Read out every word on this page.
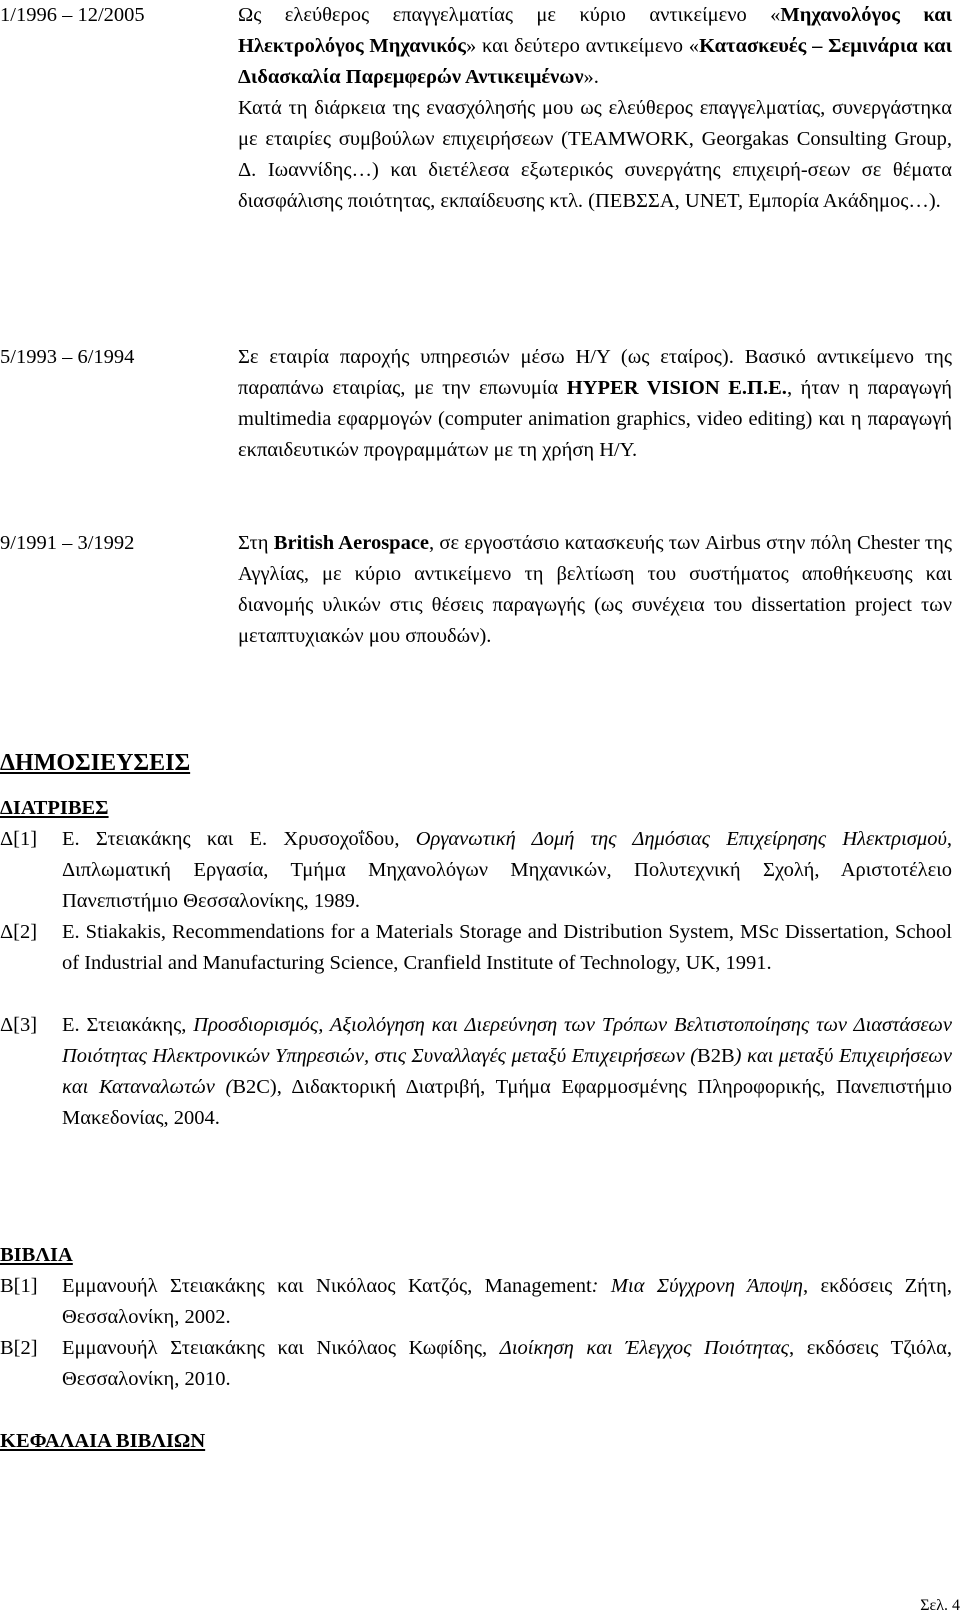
1/1996 – 12/2005	Ως ελεύθερος επαγγελματίας με κύριο αντικείμενο «Μηχανολόγος και Ηλεκτρολόγος Μηχανικός» και δεύτερο αντικείμενο «Κατασκευές – Σεμινάρια και Διδασκαλία Παρεμφερών Αντικειμένων».

Κατά τη διάρκεια της ενασχόλησής μου ως ελεύθερος επαγγελματίας, συνεργάστηκα με εταιρίες συμβούλων επιχειρήσεων (TEAMWORK, Georgakas Consulting Group, Δ. Ιωαννίδης…) και διετέλεσα εξωτερικός συνεργάτης επιχειρή-σεων σε θέματα διασφάλισης ποιότητας, εκπαίδευσης κτλ. (ΠΕΒΣΣΑ, UNET, Εμπορία Ακάδημος…).

5/1993 – 6/1994	Σε εταιρία παροχής υπηρεσιών μέσω Η/Υ (ως εταίρος). Βασικό αντικείμενο της παραπάνω εταιρίας, με την επωνυμία HYPER VISION Ε.Π.Ε., ήταν η παραγωγή multimedia εφαρμογών (computer animation graphics, video editing) και η παραγωγή εκπαιδευτικών προγραμμάτων με τη χρήση Η/Υ.

9/1991 – 3/1992	Στη British Aerospace, σε εργοστάσιο κατασκευής των Airbus στην πόλη Chester της Αγγλίας, με κύριο αντικείμενο τη βελτίωση του συστήματος αποθήκευσης και διανομής υλικών στις θέσεις παραγωγής (ως συνέχεια του dissertation project των μεταπτυχιακών μου σπουδών).

ΔΗΜΟΣΙΕΥΣΕΙΣ
ΔΙΑΤΡΙΒΕΣ
Δ[1]	Ε. Στειακάκης και Ε. Χρυσοχοΐδου, Οργανωτική Δομή της Δημόσιας Επιχείρησης Ηλεκτρισμού, Διπλωματική Εργασία, Τμήμα Μηχανολόγων Μηχανικών, Πολυτεχνική Σχολή, Αριστοτέλειο Πανεπιστήμιο Θεσσαλονίκης, 1989.
Δ[2]	E. Stiakakis, Recommendations for a Materials Storage and Distribution System, MSc Dissertation, School of Industrial and Manufacturing Science, Cranfield Institute of Technology, UK, 1991.
Δ[3]	Ε. Στειακάκης, Προσδιορισμός, Αξιολόγηση και Διερεύνηση των Τρόπων Βελτιστοποίησης των Διαστάσεων Ποιότητας Ηλεκτρονικών Υπηρεσιών, στις Συναλλαγές μεταξύ Επιχειρήσεων (B2B) και μεταξύ Επιχειρήσεων και Καταναλωτών (B2C), Διδακτορική Διατριβή, Τμήμα Εφαρμοσμένης Πληροφορικής, Πανεπιστήμιο Μακεδονίας, 2004.
ΒΙΒΛΙΑ
Β[1]	Εμμανουήλ Στειακάκης και Νικόλαος Κατζός, Management: Μια Σύγχρονη Άποψη, εκδόσεις Ζήτη, Θεσσαλονίκη, 2002.
Β[2]	Εμμανουήλ Στειακάκης και Νικόλαος Κωφίδης, Διοίκηση και Έλεγχος Ποιότητας, εκδόσεις Τζιόλα, Θεσσαλονίκη, 2010.
ΚΕΦΑΛΑΙΑ ΒΙΒΛΙΩΝ
Σελ. 4
